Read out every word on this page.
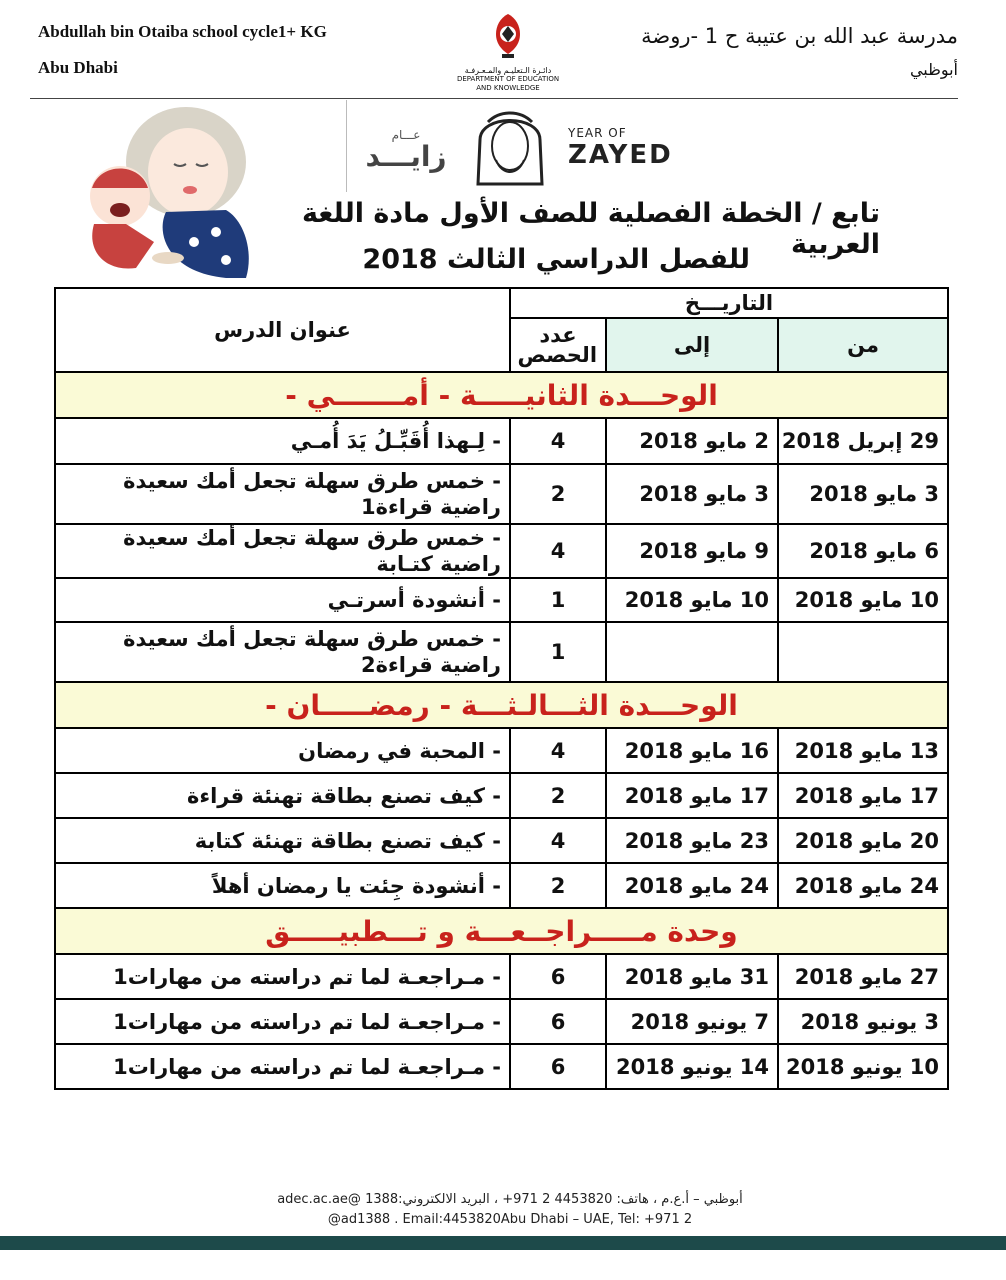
Abdullah bin Otaiba school cycle1+ KG
Abu Dhabi
مدرسة عبد الله بن عتيبة ح 1 -روضة
أبوظبي
دائـرة الـتعليـم والمـعـرفـة
DEPARTMENT OF EDUCATION
AND KNOWLEDGE
عـــام
زايـــد
YEAR OF
ZAYED
تابع / الخطة الفصلية للصف الأول مادة اللغة العربية
للفصل الدراسي الثالث 2018
التاريـــخ			عنوان الدرس
من	إلى	عدد الحصص	
الوحـــدة الثانيـــــة - أمـــــــي -			
29 إبريل 2018	2 مايو 2018	4	- لِـهذا أُقَبِّـلُ يَدَ أُمـي
3 مايو 2018	3 مايو 2018	2	- خمس طرق سهلة تجعل أمك سعيدة راضية قراءة1
6 مايو 2018	9 مايو 2018	4	- خمس طرق سهلة تجعل أمك سعيدة راضية كتـابة
10 مايو 2018	10 مايو 2018	1	- أنشودة أسرتـي
		1	- خمس طرق سهلة تجعل أمك سعيدة راضية قراءة2
الوحـــدة الثـــالـثـــة - رمضـــــان -			
13 مايو 2018	16 مايو 2018	4	- المحبة في رمضان
17 مايو 2018	17 مايو 2018	2	- كيف تصنع بطاقة تهنئة قراءة
20 مايو 2018	23 مايو 2018	4	- كيف تصنع بطاقة تهنئة كتابة
24 مايو 2018	24 مايو 2018	2	- أنشودة جِئت يا رمضان أهلاً
وحدة مـــــراجــعـــة و تـــطبيـــــق			
27 مايو 2018	31 مايو 2018	6	- مـراجعـة لما تم دراسته من مهارات1
3 يونيو 2018	7 يونيو 2018	6	- مـراجعـة لما تم دراسته من مهارات1
10 يونيو 2018	14 يونيو 2018	6	- مـراجعـة لما تم دراسته من مهارات1
أبوظبي – أ.ع.م ، هاتف: 4453820 2 971+ ، البريد الالكتروني:1388 @adec.ac.ae
@ad1388 . Email:4453820Abu Dhabi – UAE, Tel: +971 2
